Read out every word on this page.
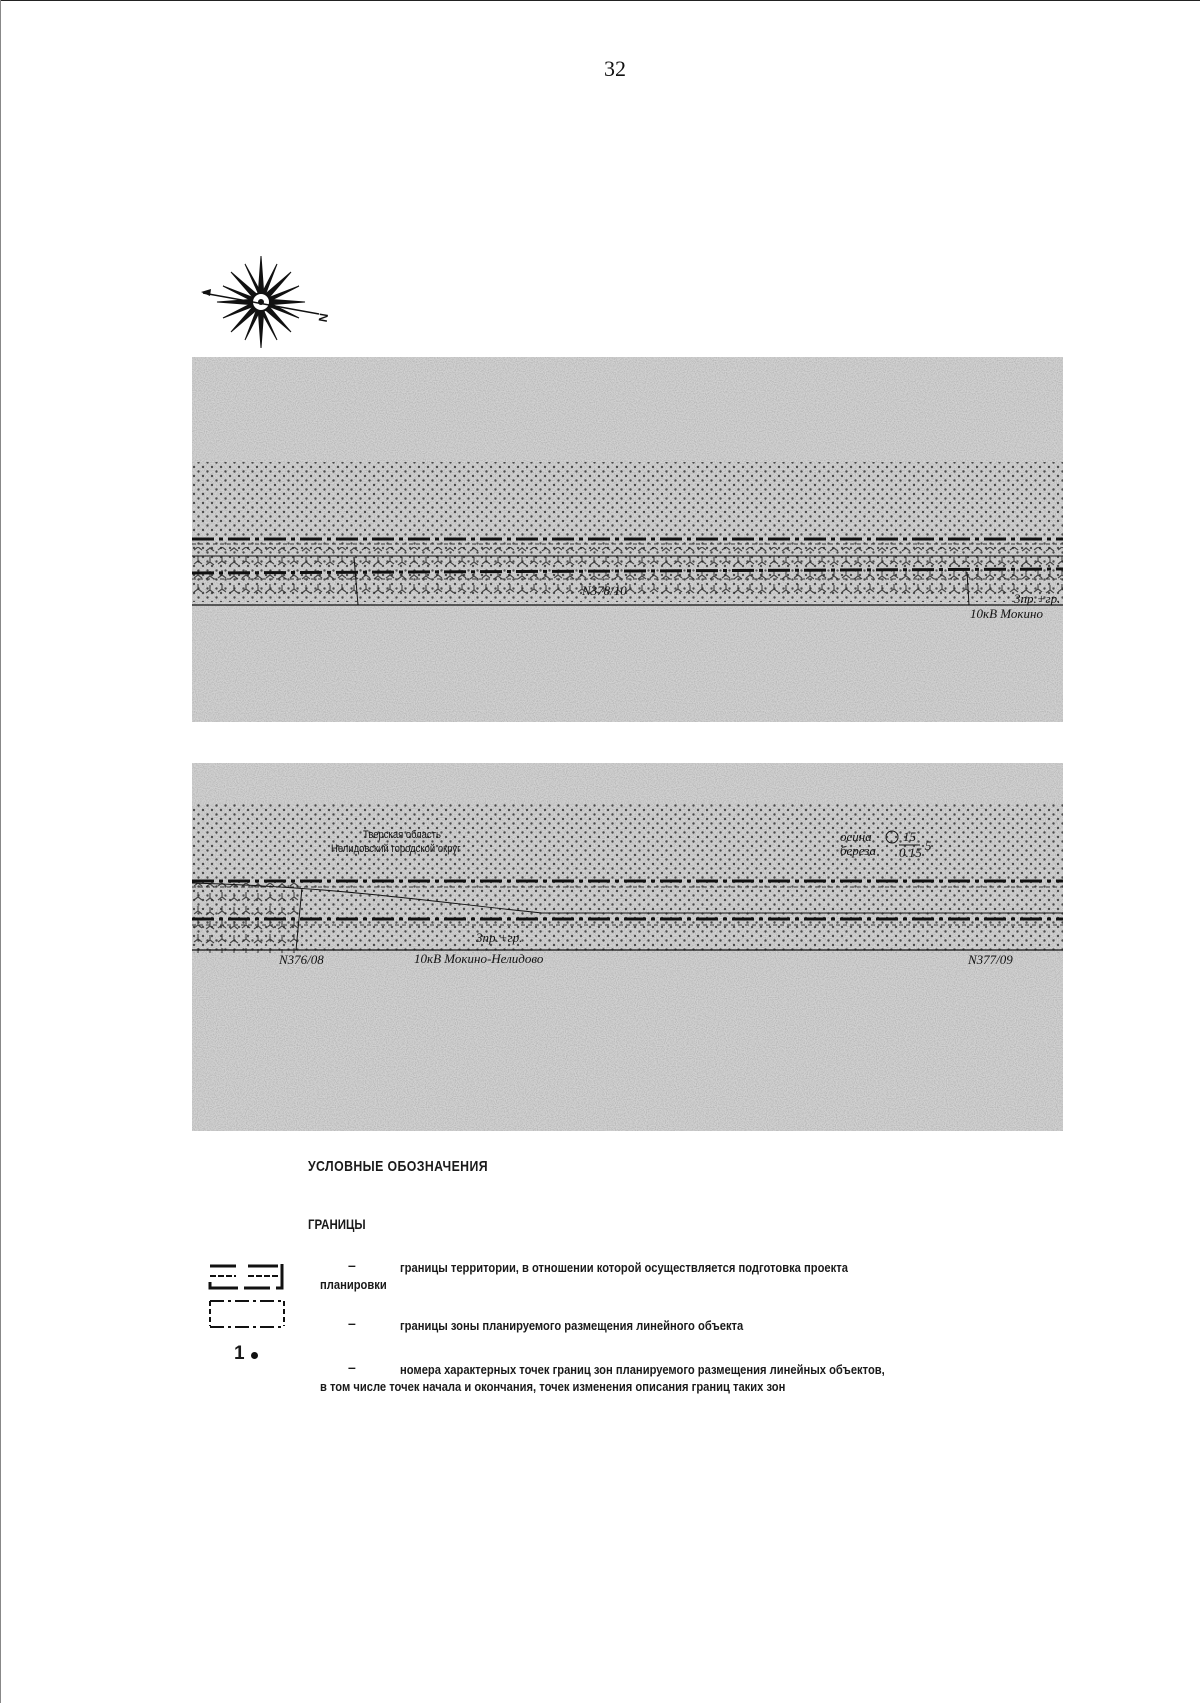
32
N
N378/10
3пр.+гр.
10кВ Мокино
Тверская область
Нелидовский городской округ
осина
береза
15
0.15 5
3пр.+гр.
10кВ Мокино-Нелидово
N376/08	N377/09
УСЛОВНЫЕ ОБОЗНАЧЕНИЯ
ГРАНИЦЫ
1
–	границы территории, в отношении которой осуществляется подготовка проекта
планировки
–	границы зоны планируемого размещения линейного объекта
–	номера характерных точек границ зон планируемого размещения линейных объектов,
в том числе точек начала и окончания, точек изменения описания границ таких зон
